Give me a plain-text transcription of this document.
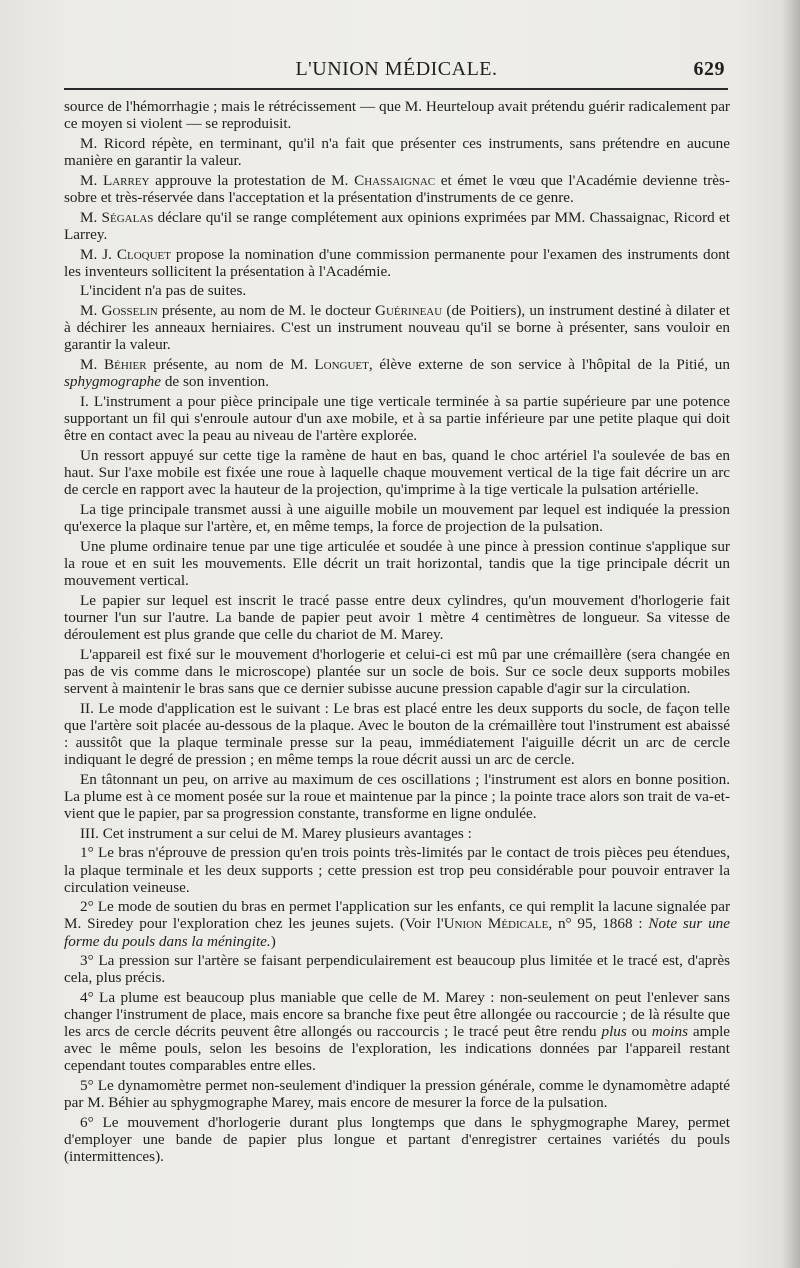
L'UNION MÉDICALE.	629

source de l'hémorrhagie ; mais le rétrécissement — que M. Heurteloup avait prétendu guérir radicalement par ce moyen si violent — se reproduisit.

M. Ricord répète, en terminant, qu'il n'a fait que présenter ces instruments, sans prétendre en aucune manière en garantir la valeur.

M. Larrey approuve la protestation de M. Chassaignac et émet le vœu que l'Académie devienne très-sobre et très-réservée dans l'acceptation et la présentation d'instruments de ce genre.

M. Ségalas déclare qu'il se range complétement aux opinions exprimées par MM. Chassaignac, Ricord et Larrey.

M. J. Cloquet propose la nomination d'une commission permanente pour l'examen des instruments dont les inventeurs sollicitent la présentation à l'Académie.

L'incident n'a pas de suites.

M. Gosselin présente, au nom de M. le docteur Guérineau (de Poitiers), un instrument destiné à dilater et à déchirer les anneaux herniaires. C'est un instrument nouveau qu'il se borne à présenter, sans vouloir en garantir la valeur.

M. Béhier présente, au nom de M. Longuet, élève externe de son service à l'hôpital de la Pitié, un sphygmographe de son invention.

I. L'instrument a pour pièce principale une tige verticale terminée à sa partie supérieure par une potence supportant un fil qui s'enroule autour d'un axe mobile, et à sa partie inférieure par une petite plaque qui doit être en contact avec la peau au niveau de l'artère explorée.

Un ressort appuyé sur cette tige la ramène de haut en bas, quand le choc artériel l'a soulevée de bas en haut. Sur l'axe mobile est fixée une roue à laquelle chaque mouvement vertical de la tige fait décrire un arc de cercle en rapport avec la hauteur de la projection, qu'imprime à la tige verticale la pulsation artérielle.

La tige principale transmet aussi à une aiguille mobile un mouvement par lequel est indiquée la pression qu'exerce la plaque sur l'artère, et, en même temps, la force de projection de la pulsation.

Une plume ordinaire tenue par une tige articulée et soudée à une pince à pression continue s'applique sur la roue et en suit les mouvements. Elle décrit un trait horizontal, tandis que la tige principale décrit un mouvement vertical.

Le papier sur lequel est inscrit le tracé passe entre deux cylindres, qu'un mouvement d'horlogerie fait tourner l'un sur l'autre. La bande de papier peut avoir 1 mètre 4 centimètres de longueur. Sa vitesse de déroulement est plus grande que celle du chariot de M. Marey.

L'appareil est fixé sur le mouvement d'horlogerie et celui-ci est mû par une crémaillère (sera changée en pas de vis comme dans le microscope) plantée sur un socle de bois. Sur ce socle deux supports mobiles servent à maintenir le bras sans que ce dernier subisse aucune pression capable d'agir sur la circulation.

II. Le mode d'application est le suivant : Le bras est placé entre les deux supports du socle, de façon telle que l'artère soit placée au-dessous de la plaque. Avec le bouton de la crémaillère tout l'instrument est abaissé : aussitôt que la plaque terminale presse sur la peau, immédiatement l'aiguille décrit un arc de cercle indiquant le degré de pression ; en même temps la roue décrit aussi un arc de cercle.

En tâtonnant un peu, on arrive au maximum de ces oscillations ; l'instrument est alors en bonne position. La plume est à ce moment posée sur la roue et maintenue par la pince ; la pointe trace alors son trait de va-et-vient que le papier, par sa progression constante, transforme en ligne ondulée.

III. Cet instrument a sur celui de M. Marey plusieurs avantages :

1° Le bras n'éprouve de pression qu'en trois points très-limités par le contact de trois pièces peu étendues, la plaque terminale et les deux supports ; cette pression est trop peu considérable pour pouvoir entraver la circulation veineuse.

2° Le mode de soutien du bras en permet l'application sur les enfants, ce qui remplit la lacune signalée par M. Siredey pour l'exploration chez les jeunes sujets. (Voir l'Union Médicale, n° 95, 1868 : Note sur une forme du pouls dans la méningite.)

3° La pression sur l'artère se faisant perpendiculairement est beaucoup plus limitée et le tracé est, d'après cela, plus précis.

4° La plume est beaucoup plus maniable que celle de M. Marey : non-seulement on peut l'enlever sans changer l'instrument de place, mais encore sa branche fixe peut être allongée ou raccourcie ; de là résulte que les arcs de cercle décrits peuvent être allongés ou raccourcis ; le tracé peut être rendu plus ou moins ample avec le même pouls, selon les besoins de l'exploration, les indications données par l'appareil restant cependant toutes comparables entre elles.

5° Le dynamomètre permet non-seulement d'indiquer la pression générale, comme le dynamomètre adapté par M. Béhier au sphygmographe Marey, mais encore de mesurer la force de la pulsation.

6° Le mouvement d'horlogerie durant plus longtemps que dans le sphygmographe Marey, permet d'employer une bande de papier plus longue et partant d'enregistrer certaines variétés du pouls (intermittences).
